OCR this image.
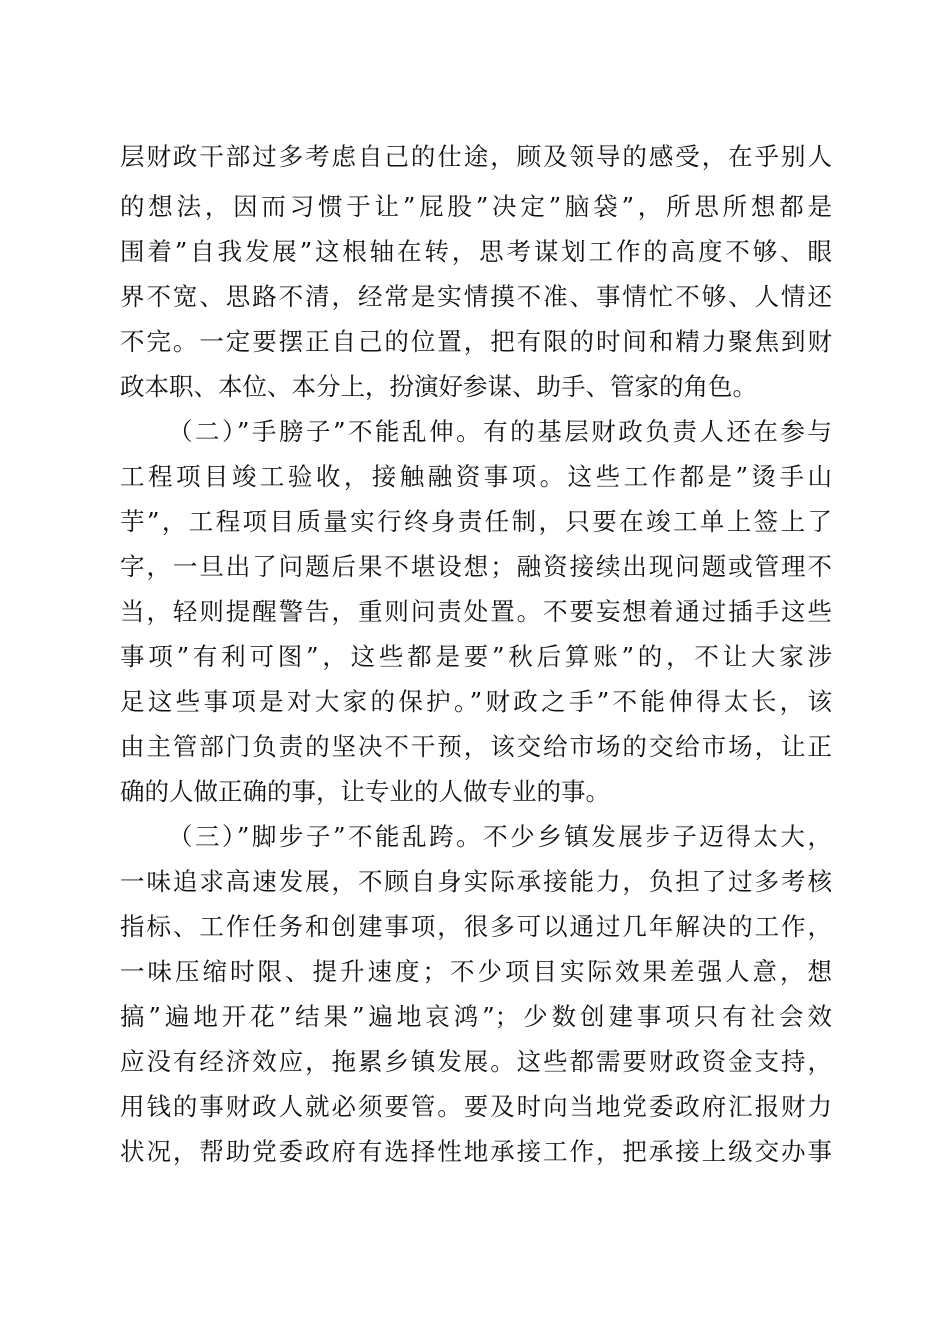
层财政干部过多考虑自己的仕途，顾及领导的感受，在乎别人
的想法，因而习惯于让”屁股”决定”脑袋”，所思所想都是
围着”自我发展”这根轴在转，思考谋划工作的高度不够、眼
界不宽、思路不清，经常是实情摸不准、事情忙不够、人情还
不完。一定要摆正自己的位置，把有限的时间和精力聚焦到财
政本职、本位、本分上，扮演好参谋、助手、管家的角色。
（二）”手膀子”不能乱伸。有的基层财政负责人还在参与
工程项目竣工验收，接触融资事项。这些工作都是”烫手山
芋”，工程项目质量实行终身责任制，只要在竣工单上签上了
字，一旦出了问题后果不堪设想；融资接续出现问题或管理不
当，轻则提醒警告，重则问责处置。不要妄想着通过插手这些
事项”有利可图”，这些都是要”秋后算账”的，不让大家涉
足这些事项是对大家的保护。”财政之手”不能伸得太长，该
由主管部门负责的坚决不干预，该交给市场的交给市场，让正
确的人做正确的事，让专业的人做专业的事。
（三）”脚步子”不能乱跨。不少乡镇发展步子迈得太大，
一味追求高速发展，不顾自身实际承接能力，负担了过多考核
指标、工作任务和创建事项，很多可以通过几年解决的工作，
一味压缩时限、提升速度；不少项目实际效果差强人意，想
搞”遍地开花”结果”遍地哀鸿”；少数创建事项只有社会效
应没有经济效应，拖累乡镇发展。这些都需要财政资金支持，
用钱的事财政人就必须要管。要及时向当地党委政府汇报财力
状况，帮助党委政府有选择性地承接工作，把承接上级交办事
